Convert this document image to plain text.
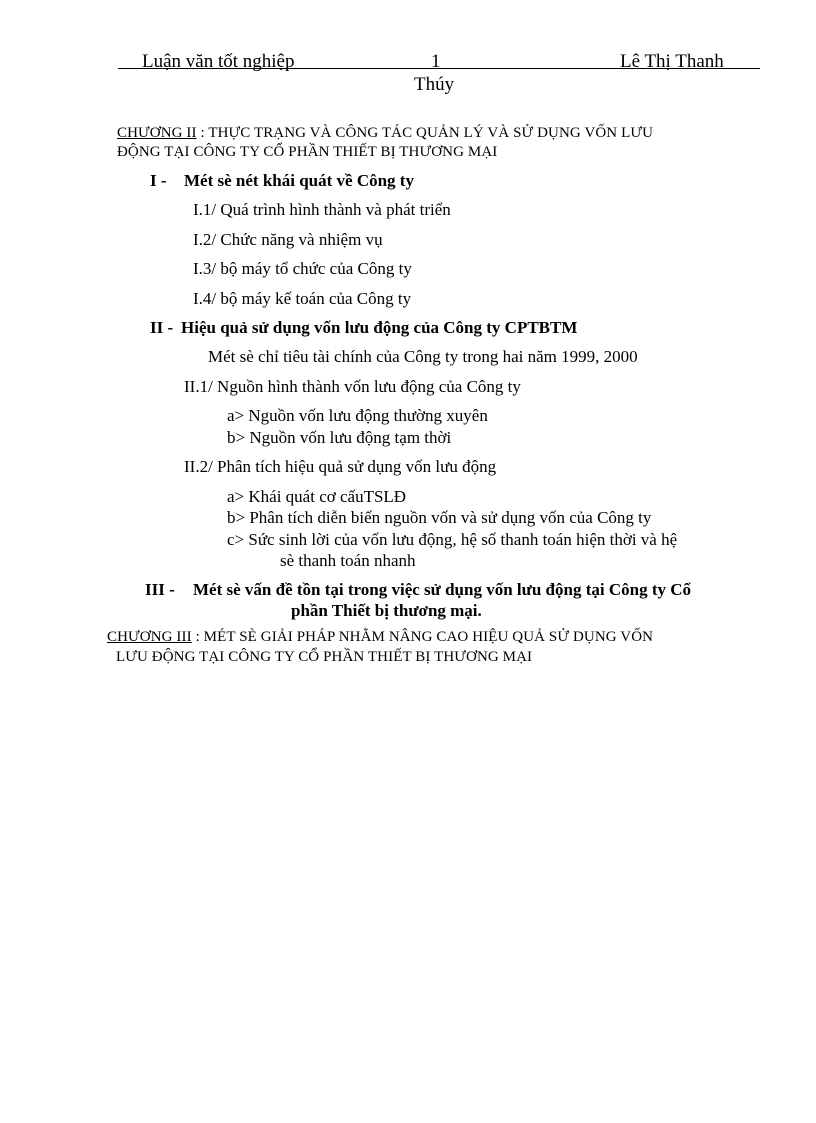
Luận văn tốt nghiệp	1	Lê Thị Thanh
Thúy
CHƯƠNG II : THỰC TRẠNG VÀ CÔNG TÁC QUẢN LÝ VÀ SỬ DỤNG VỐN LƯU
ĐỘNG TẠI CÔNG TY CỔ PHẦN THIẾT BỊ THƯƠNG MẠI
I - Mét sè nét khái quát về Công ty
I.1/ Quá trình hình thành và phát triển
I.2/ Chức năng và nhiệm vụ
I.3/ bộ máy tổ chức của Công ty
I.4/ bộ máy kế toán của Công ty
II - Hiệu quả sử dụng vốn lưu động của Công ty CPTBTM
Mét sè chỉ tiêu tài chính của Công ty trong hai năm 1999, 2000
II.1/ Nguồn hình thành vốn lưu động của Công ty
a> Nguồn vốn lưu động thường xuyên
b> Nguồn vốn lưu động tạm thời
II.2/ Phân tích hiệu quả sử dụng vốn lưu động
a> Khái quát cơ cấuTSLĐ
b> Phân tích diễn biến nguồn vốn và sử dụng vốn của Công ty
c> Sức sinh lời của vốn lưu động, hệ số thanh toán hiện thời và hệ
sè thanh toán nhanh
III - Mét sè vấn đề tồn tại trong việc sử dụng vốn lưu động tại Công ty Cổ
phần Thiết bị thương mại.
CHƯƠNG III : MÉT SÈ GIẢI PHÁP NHẰM NÂNG CAO HIỆU QUẢ SỬ DỤNG VỐN
LƯU ĐỘNG TẠI CÔNG TY CỔ PHẦN THIẾT BỊ THƯƠNG MẠI
